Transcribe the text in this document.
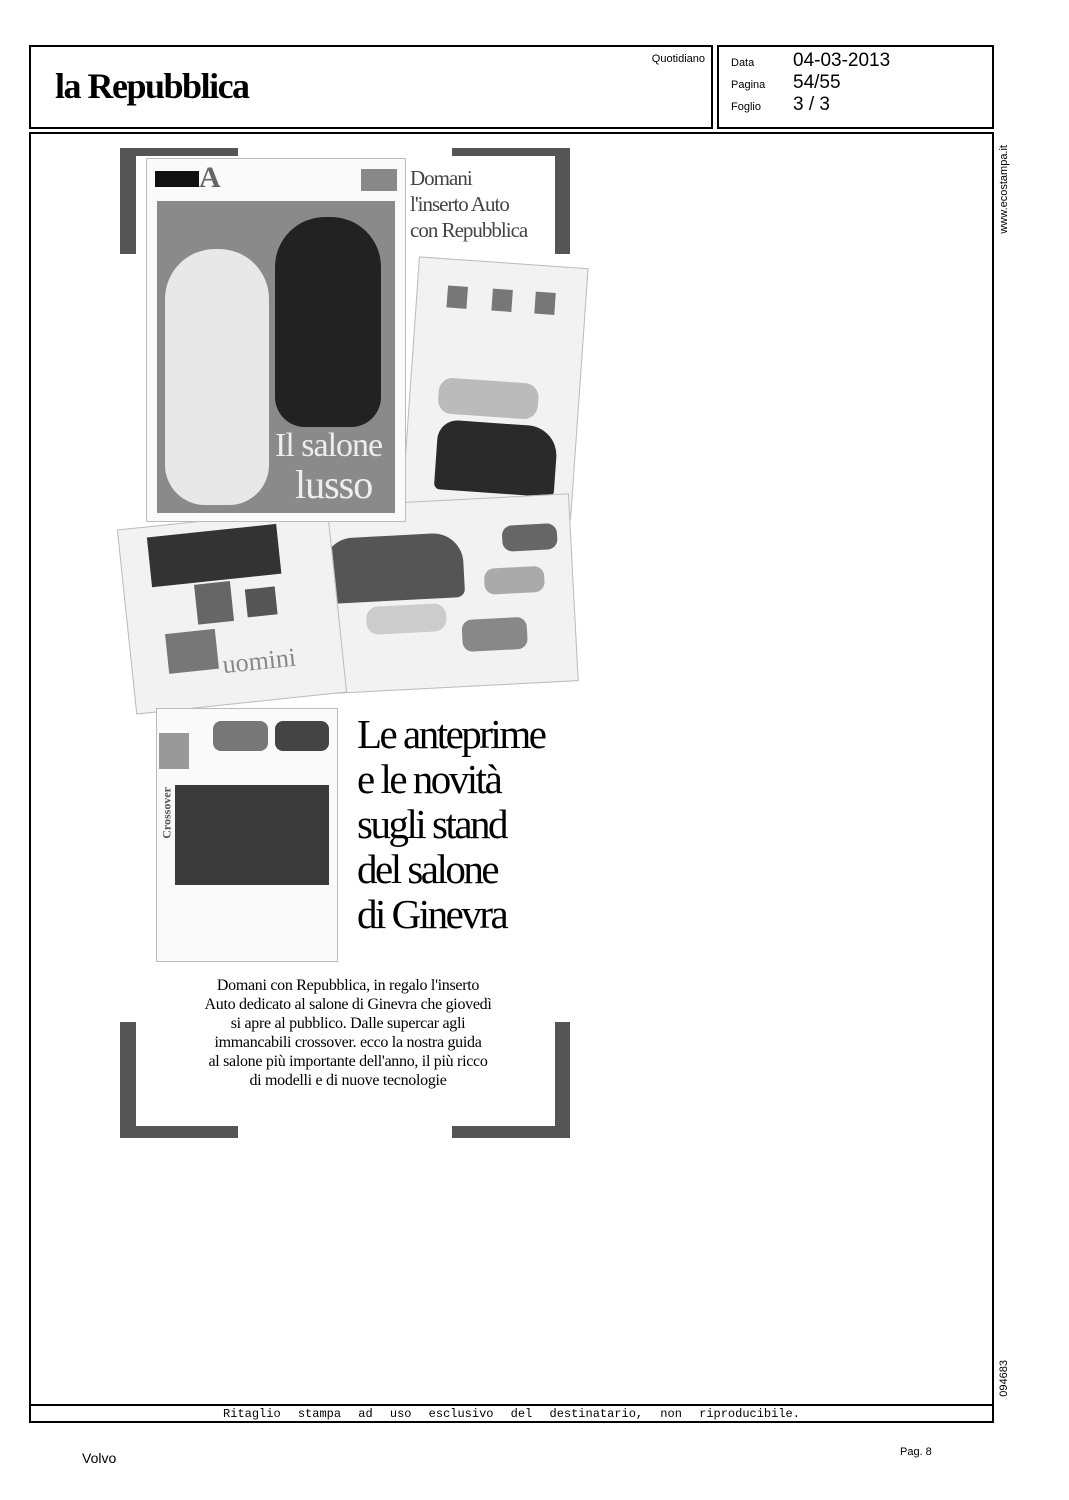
la Repubblica
Quotidiano Data 04-03-2013
Pagina 54/55
Foglio 3 / 3
Ritaglio stampa ad uso esclusivo del destinatario, non riproducibile.
www.ecostampa.it
094683
uomini
A
Il salone
lusso
Domani
l'inserto Auto
con Repubblica
Crossover
Le anteprime
e le novità
sugli stand
del salone
di Ginevra
Domani con Repubblica, in regalo l'inserto
Auto dedicato al salone di Ginevra che giovedì
si apre al pubblico. Dalle supercar agli
immancabili crossover. ecco la nostra guida
al salone più importante dell'anno, il più ricco
di modelli e di nuove tecnologie
Volvo	Pag. 8
